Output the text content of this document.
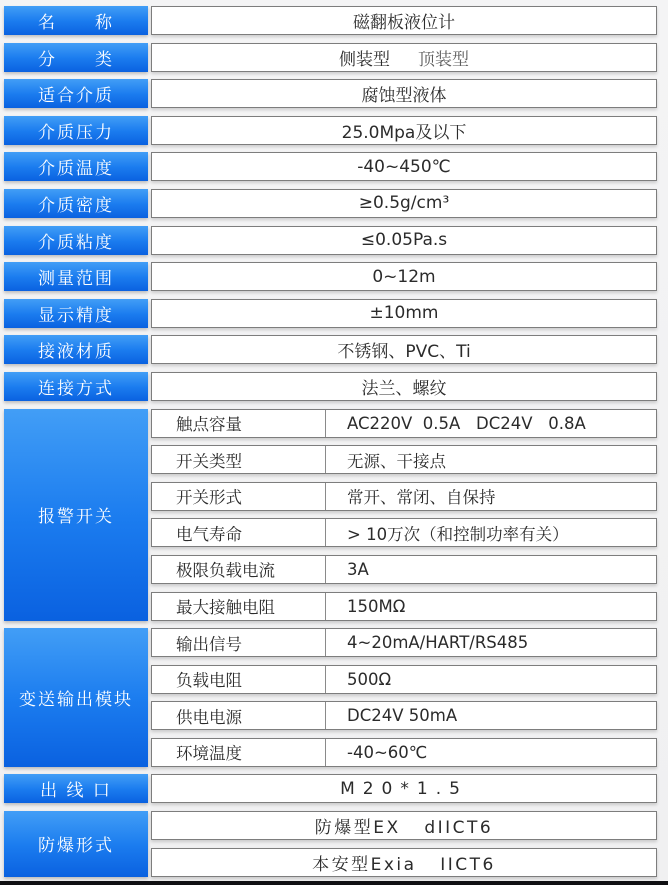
名　　称	磁翻板液位计
分　　类	侧装型 顶装型
适合介质	腐蚀型液体
介质压力	25.0Mpa及以下
介质温度	-40~450℃
介质密度	≥0.5g/cm³
介质粘度	≤0.05Pa.s
测量范围	0~12m
显示精度	±10mm
接液材质	不锈钢、PVC、Ti
连接方式	法兰、螺纹
报警开关
触点容量	AC220V  0.5A   DC24V   0.8A
开关类型	无源、干接点
开关形式	常开、常闭、自保持
电气寿命	> 10万次（和控制功率有关）
极限负载电流	3A
最大接触电阻	150MΩ
变送输出模块
输出信号	4~20mA/HART/RS485
负载电阻	500Ω
供电电源	DC24V 50mA
环境温度	-40~60℃
出 线 口	M20*1.5
防爆形式
防爆型EX   dIICT6
本安型Exia   IICT6
